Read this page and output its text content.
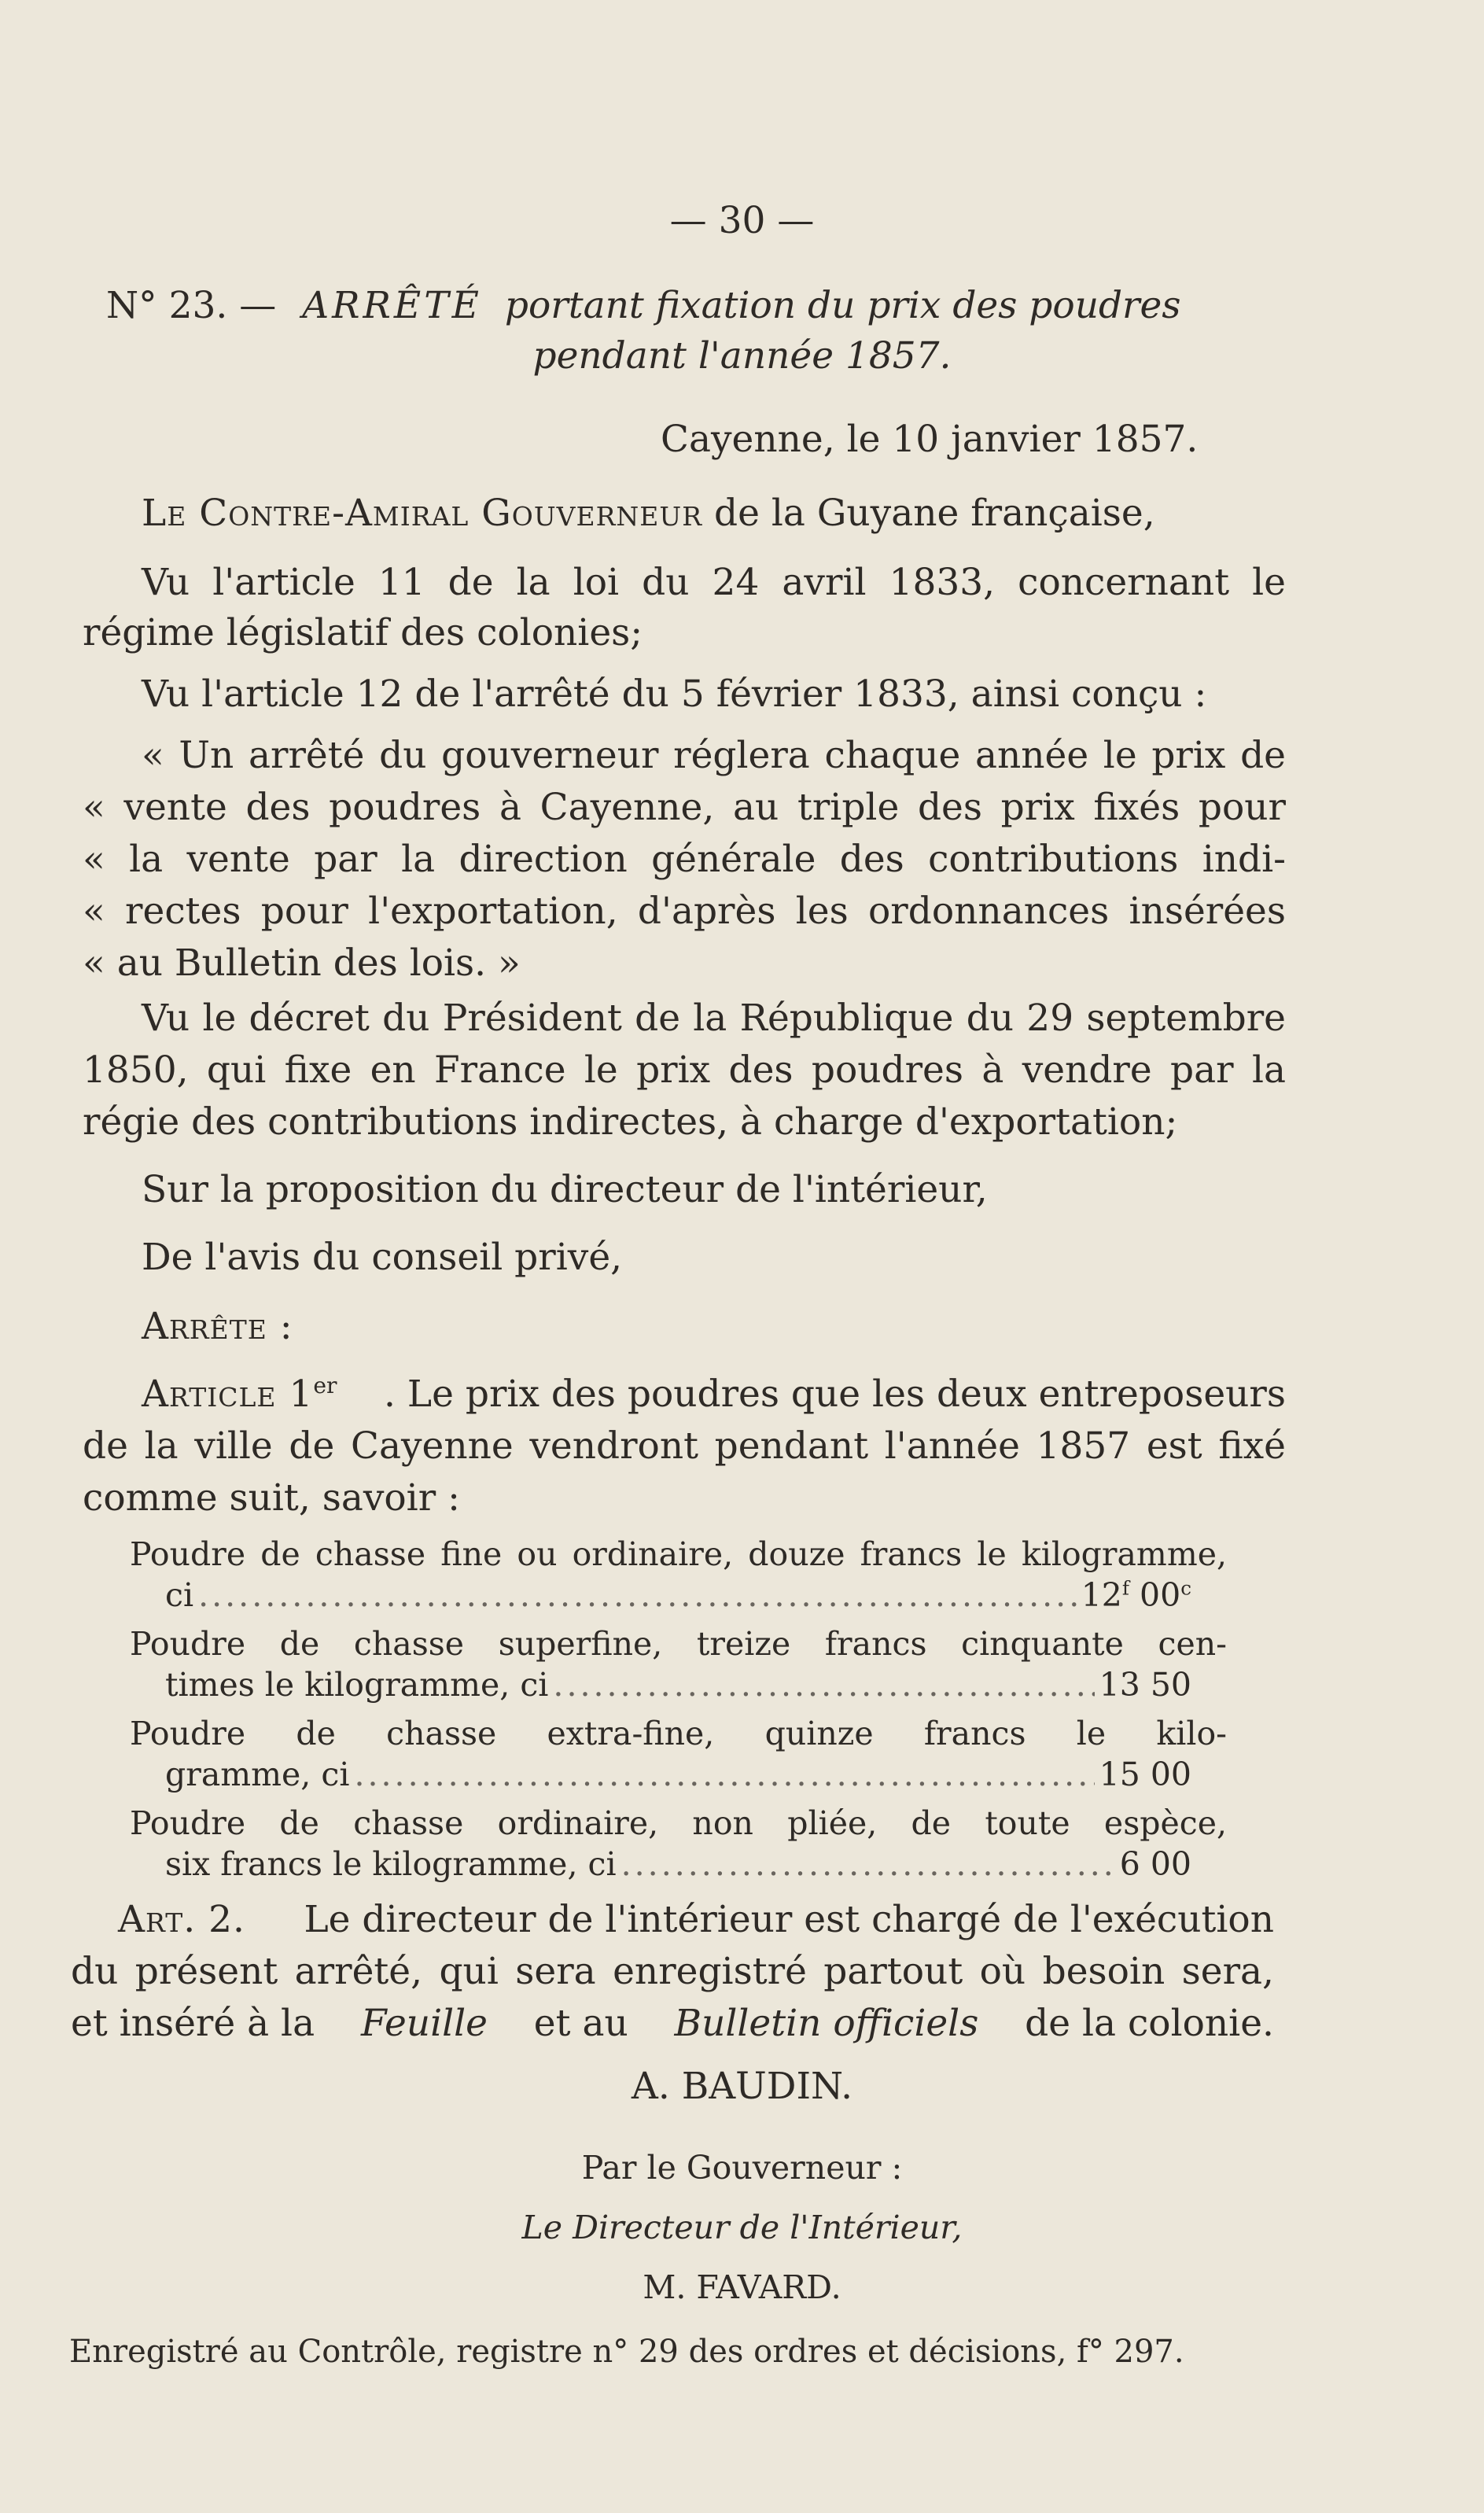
— 30 —
N° 23. — ARRÊTÉ portant fixation du prix des poudres
pendant l'année 1857.
Cayenne, le 10 janvier 1857.
Le Contre-Amiral Gouverneur de la Guyane française,
Vu l'article 11 de la loi du 24 avril 1833, concernant le
régime législatif des colonies;
Vu l'article 12 de l'arrêté du 5 février 1833, ainsi conçu :
« Un arrêté du gouverneur réglera chaque année le prix de
« vente des poudres à Cayenne, au triple des prix fixés pour
« la vente par la direction générale des contributions indi-
« rectes pour l'exportation, d'après les ordonnances insérées
« au Bulletin des lois. »
Vu le décret du Président de la République du 29 septembre
1850, qui fixe en France le prix des poudres à vendre par la
régie des contributions indirectes, à charge d'exportation;
Sur la proposition du directeur de l'intérieur,
De l'avis du conseil privé,
Arrête :
Article 1er . Le prix des poudres que les deux entreposeurs
de la ville de Cayenne vendront pendant l'année 1857 est fixé
comme suit, savoir :
Poudre de chasse fine ou ordinaire, douze francs le kilogramme,
ci .....	12$^f$ 00$^c$
Poudre de chasse superfine, treize francs cinquante cen-
times le kilogramme, ci .....	13 50
Poudre de chasse extra-fine, quinze francs le kilo-
gramme, ci .....	15 00
Poudre de chasse ordinaire, non pliée, de toute espèce,
six francs le kilogramme, ci .....	6 00
Art. 2. Le directeur de l'intérieur est chargé de l'exécution
du présent arrêté, qui sera enregistré partout où besoin sera,
et inséré à la Feuille et au Bulletin officiels de la colonie.
A. BAUDIN.
Par le Gouverneur :
Le Directeur de l'Intérieur,
M. FAVARD.
Enregistré au Contrôle, registre n° 29 des ordres et décisions, f° 297.
